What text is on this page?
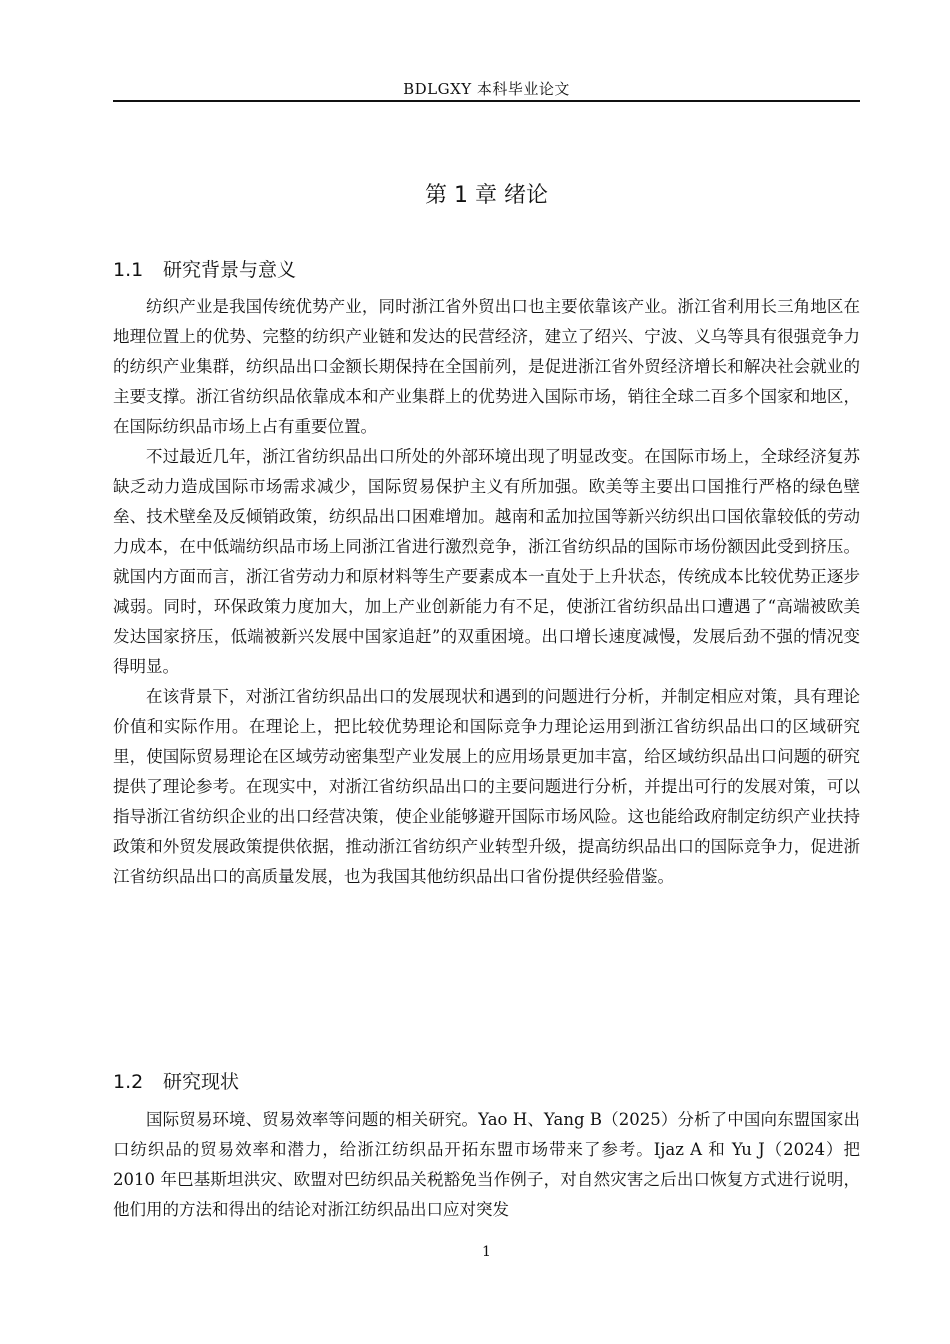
BDLGXY 本科毕业论文
第 1 章 绪论
1.1 研究背景与意义

纺织产业是我国传统优势产业，同时浙江省外贸出口也主要依靠该产业。浙江省利用长三角地区在地理位置上的优势、完整的纺织产业链和发达的民营经济，建立了绍兴、宁波、义乌等具有很强竞争力的纺织产业集群，纺织品出口金额长期保持在全国前列，是促进浙江省外贸经济增长和解决社会就业的主要支撑。浙江省纺织品依靠成本和产业集群上的优势进入国际市场，销往全球二百多个国家和地区，在国际纺织品市场上占有重要位置。

不过最近几年，浙江省纺织品出口所处的外部环境出现了明显改变。在国际市场上，全球经济复苏缺乏动力造成国际市场需求减少，国际贸易保护主义有所加强。欧美等主要出口国推行严格的绿色壁垒、技术壁垒及反倾销政策，纺织品出口困难增加。越南和孟加拉国等新兴纺织出口国依靠较低的劳动力成本，在中低端纺织品市场上同浙江省进行激烈竞争，浙江省纺织品的国际市场份额因此受到挤压。就国内方面而言，浙江省劳动力和原材料等生产要素成本一直处于上升状态，传统成本比较优势正逐步减弱。同时，环保政策力度加大，加上产业创新能力有不足，使浙江省纺织品出口遭遇了“高端被欧美发达国家挤压，低端被新兴发展中国家追赶”的双重困境。出口增长速度减慢，发展后劲不强的情况变得明显。

在该背景下，对浙江省纺织品出口的发展现状和遇到的问题进行分析，并制定相应对策，具有理论价值和实际作用。在理论上，把比较优势理论和国际竞争力理论运用到浙江省纺织品出口的区域研究里，使国际贸易理论在区域劳动密集型产业发展上的应用场景更加丰富，给区域纺织品出口问题的研究提供了理论参考。在现实中，对浙江省纺织品出口的主要问题进行分析，并提出可行的发展对策，可以指导浙江省纺织企业的出口经营决策，使企业能够避开国际市场风险。这也能给政府制定纺织产业扶持政策和外贸发展政策提供依据，推动浙江省纺织产业转型升级，提高纺织品出口的国际竞争力，促进浙江省纺织品出口的高质量发展，也为我国其他纺织品出口省份提供经验借鉴。

1.2 研究现状

国际贸易环境、贸易效率等问题的相关研究。Yao H、Yang B（2025）分析了中国向东盟国家出口纺织品的贸易效率和潜力，给浙江纺织品开拓东盟市场带来了参考。Ijaz A 和 Yu J（2024）把 2010 年巴基斯坦洪灾、欧盟对巴纺织品关税豁免当作例子，对自然灾害之后出口恢复方式进行说明，他们用的方法和得出的结论对浙江纺织品出口应对突发

1
